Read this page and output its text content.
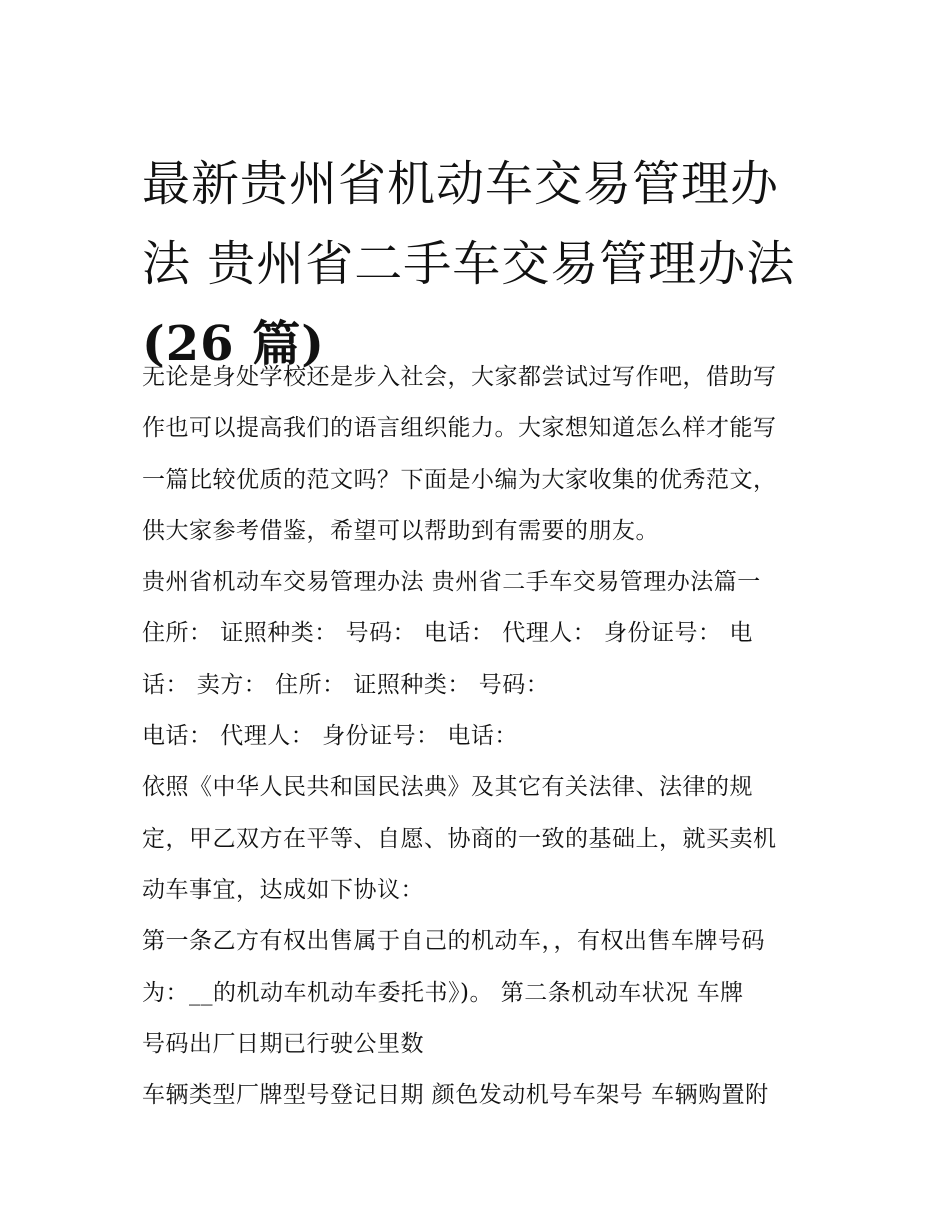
最新贵州省机动车交易管理办
法 贵州省二手车交易管理办法
(26 篇)
无论是身处学校还是步入社会，大家都尝试过写作吧，借助写
作也可以提高我们的语言组织能力。大家想知道怎么样才能写
一篇比较优质的范文吗？下面是小编为大家收集的优秀范文，
供大家参考借鉴，希望可以帮助到有需要的朋友。
贵州省机动车交易管理办法 贵州省二手车交易管理办法篇一
住所： 证照种类： 号码： 电话： 代理人： 身份证号： 电
话： 卖方： 住所： 证照种类： 号码：
电话： 代理人： 身份证号： 电话：
依照《中华人民共和国民法典》及其它有关法律、法律的规
定，甲乙双方在平等、自愿、协商的一致的基础上，就买卖机
动车事宜，达成如下协议：
第一条乙方有权出售属于自己的机动车，，有权出售车牌号码
为：__的机动车机动车委托书》)。 第二条机动车状况 车牌
号码出厂日期已行驶公里数
车辆类型厂牌型号登记日期 颜色发动机号车架号 车辆购置附
